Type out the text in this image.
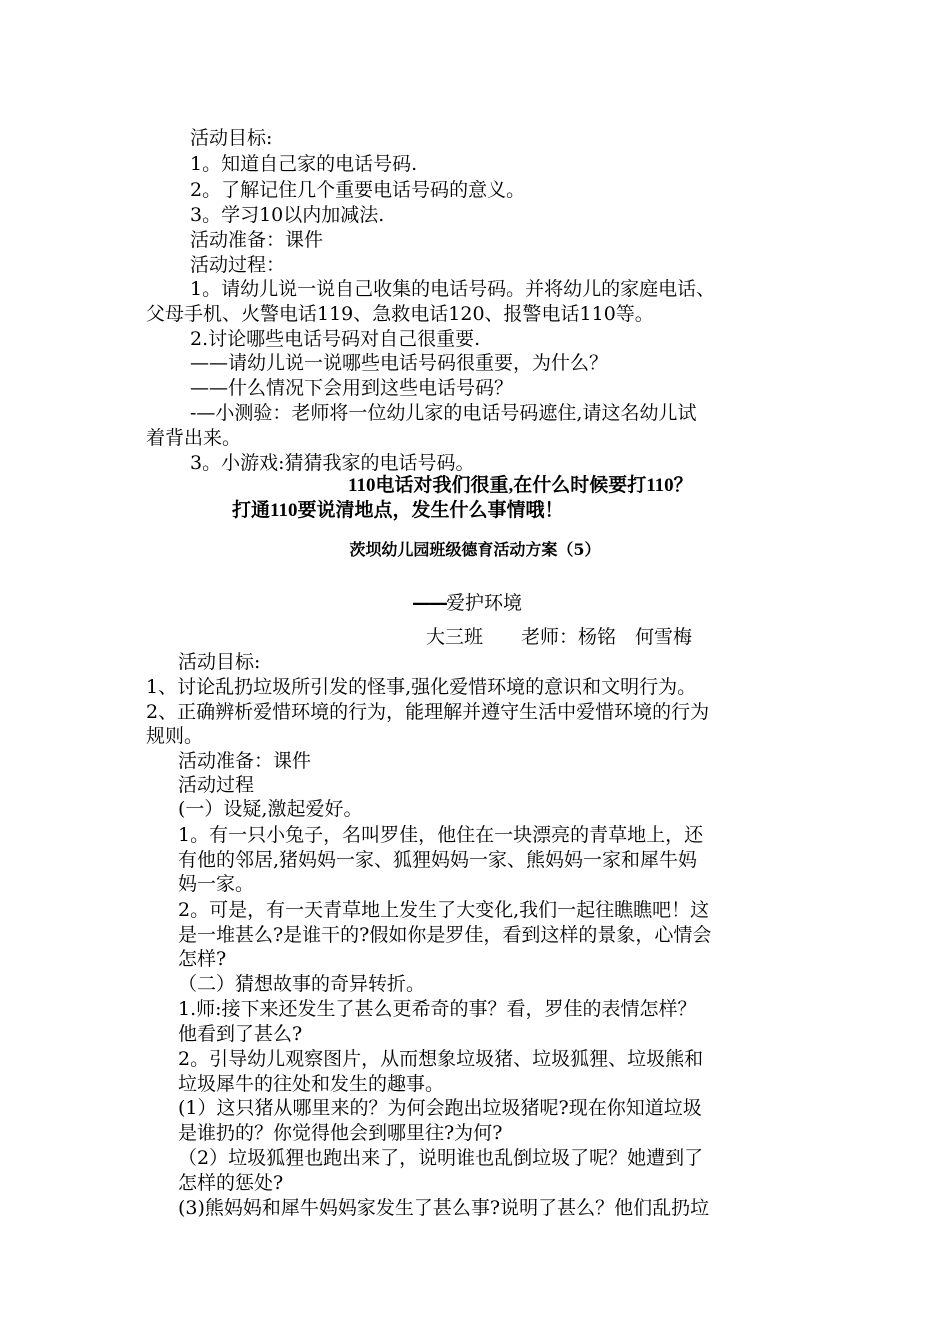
活动目标:
1。知道自己家的电话号码.
2。了解记住几个重要电话号码的意义。
3。学习10以内加减法.
活动准备：课件
活动过程：
1。请幼儿说一说自己收集的电话号码。并将幼儿的家庭电话、
父母手机、火警电话119、急救电话120、报警电话110等。
2.讨论哪些电话号码对自己很重要.
——请幼儿说一说哪些电话号码很重要，为什么？
——什么情况下会用到这些电话号码？
-—小测验：老师将一位幼儿家的电话号码遮住,请这名幼儿试
着背出来。
3。小游戏:猜猜我家的电话号码。
110电话对我们很重,在什么时候要打110？
打通110要说清地点，发生什么事情哦！
茨坝幼儿园班级德育活动方案（5）
——爱护环境
大三班　　老师：杨铭　何雪梅
活动目标:
1、讨论乱扔垃圾所引发的怪事,强化爱惜环境的意识和文明行为。
2、正确辨析爱惜环境的行为，能理解并遵守生活中爱惜环境的行为
规则。
活动准备：课件
活动过程
(一）设疑,激起爱好。
1。有一只小兔子，名叫罗佳，他住在一块漂亮的青草地上，还
有他的邻居,猪妈妈一家、狐狸妈妈一家、熊妈妈一家和犀牛妈
妈一家。
2。可是，有一天青草地上发生了大变化,我们一起往瞧瞧吧！这
是一堆甚么?是谁干的?假如你是罗佳，看到这样的景象，心情会
怎样?
（二）猜想故事的奇异转折。
1.师:接下来还发生了甚么更希奇的事？看，罗佳的表情怎样？
他看到了甚么?
2。引导幼儿观察图片，从而想象垃圾猪、垃圾狐狸、垃圾熊和
垃圾犀牛的往处和发生的趣事。
(1）这只猪从哪里来的？为何会跑出垃圾猪呢?现在你知道垃圾
是谁扔的？你觉得他会到哪里往?为何?
（2）垃圾狐狸也跑出来了，说明谁也乱倒垃圾了呢？她遭到了
怎样的惩处?
(3)熊妈妈和犀牛妈妈家发生了甚么事?说明了甚么？他们乱扔垃
